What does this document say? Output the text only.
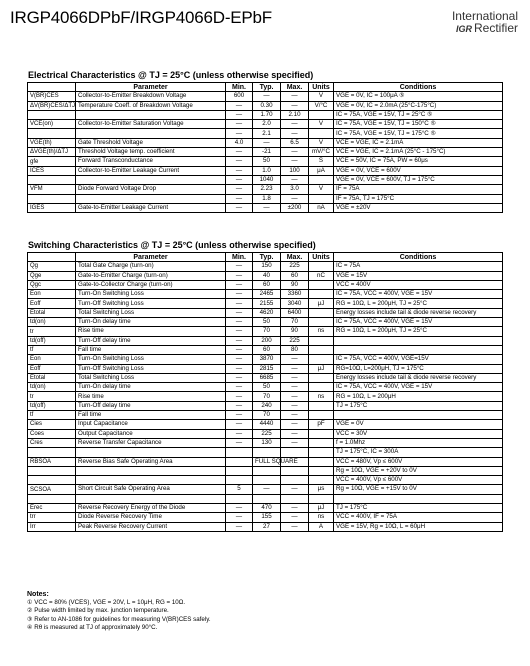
IRGP4066DPbF/IRGP4066D-EPbF	International
IGR Rectifier
Electrical Characteristics @ TJ = 25°C (unless otherwise specified)
	Parameter	Min.	Typ.	Max.	Units	Conditions
V(BR)CES	Collector-to-Emitter Breakdown Voltage	600	—	—	V	VGE = 0V, IC = 100μA ⑤
ΔV(BR)CES/ΔTJ	Temperature Coeff. of Breakdown Voltage	—	0.30	—	V/°C	VGE = 0V, IC = 2.0mA (25°C-175°C)
		—	1.70	2.10		IC = 75A, VGE = 15V, TJ = 25°C ⑤
VCE(on)	Collector-to-Emitter Saturation Voltage	—	2.0	—	V	IC = 75A, VGE = 15V, TJ = 150°C ⑤
		—	2.1	—		IC = 75A, VGE = 15V, TJ = 175°C ⑤
VGE(th)	Gate Threshold Voltage	4.0	—	6.5	V	VCE = VGE, IC = 2.1mA
ΔVGE(th)/ΔTJ	Threshold Voltage temp. coefficient	—	-21	—	mV/°C	VCE = VGE, IC = 2.1mA (25°C - 175°C)
gfe	Forward Transconductance	—	50	—	S	VCE = 50V, IC = 75A, PW = 60μs
ICES	Collector-to-Emitter Leakage Current	—	1.0	100	μA	VGE = 0V, VCE = 600V
		—	1040	—		VGE = 0V, VCE = 600V, TJ = 175°C
VFM	Diode Forward Voltage Drop	—	2.23	3.0	V	IF = 75A
		—	1.8	—		IF = 75A, TJ = 175°C
IGES	Gate-to-Emitter Leakage Current	—	—	±200	nA	VGE = ±20V
Switching Characteristics @ TJ = 25°C (unless otherwise specified)
	Parameter	Min.	Typ.	Max.	Units	Conditions
Qg	Total Gate Charge (turn-on)	—	150	225		IC = 75A
Qge	Gate-to-Emitter Charge (turn-on)	—	40	60	nC	VGE = 15V
Qgc	Gate-to-Collector Charge (turn-on)	—	60	90		VCC = 400V
Eon	Turn-On Switching Loss	—	2465	3360		IC = 75A, VCC = 400V, VGE = 15V
Eoff	Turn-Off Switching Loss	—	2155	3040	μJ	RG = 10Ω, L = 200μH, TJ = 25°C
Etotal	Total Switching Loss	—	4620	6400		Energy losses include tail & diode reverse recovery
td(on)	Turn-On delay time	—	50	70		IC = 75A, VCC = 400V, VGE = 15V
tr	Rise time	—	70	90	ns	RG = 10Ω, L = 200μH, TJ = 25°C
td(off)	Turn-Off delay time	—	200	225		
tf	Fall time	—	60	80		
Eon	Turn-On Switching Loss	—	3870	—		IC = 75A, VCC = 400V, VGE=15V
Eoff	Turn-Off Switching Loss	—	2815	—	μJ	RG=10Ω, L=200μH, TJ = 175°C
Etotal	Total Switching Loss	—	6685	—		Energy losses include tail & diode reverse recovery
td(on)	Turn-On delay time	—	50	—		IC = 75A, VCC = 400V, VGE = 15V
tr	Rise time	—	70	—	ns	RG = 10Ω, L = 200μH
td(off)	Turn-Off delay time	—	240	—		TJ = 175°C
tf	Fall time	—	70	—		
Cies	Input Capacitance	—	4440	—	pF	VGE = 0V
Coes	Output Capacitance	—	225	—		VCC = 30V
Cres	Reverse Transfer Capacitance	—	130	—		f = 1.0Mhz
						TJ = 175°C, IC = 300A
RBSOA	Reverse Bias Safe Operating Area		FULL SQUARE			VCC = 480V, Vp ≤ 600V
						Rg = 10Ω, VGE = +20V to 0V
						VCC = 400V, Vp ≤ 600V
SCSOA	Short Circuit Safe Operating Area	5	—	—	μs	Rg = 10Ω, VGE = +15V to 0V

Erec	Reverse Recovery Energy of the Diode	—	470	—	μJ	TJ = 175°C
trr	Diode Reverse Recovery Time	—	155	—	ns	VCC = 400V, IF = 75A
Irr	Peak Reverse Recovery Current	—	27	—	A	VGE = 15V, Rg = 10Ω, L = 60μH
Notes:
① VCC = 80% (VCES), VGE = 20V, L = 10μH, RG = 10Ω.
② Pulse width limited by max. junction temperature.
③ Refer to AN-1086 for guidelines for measuring V(BR)CES safely.
④ Rθ is measured at TJ of approximately 90°C.
